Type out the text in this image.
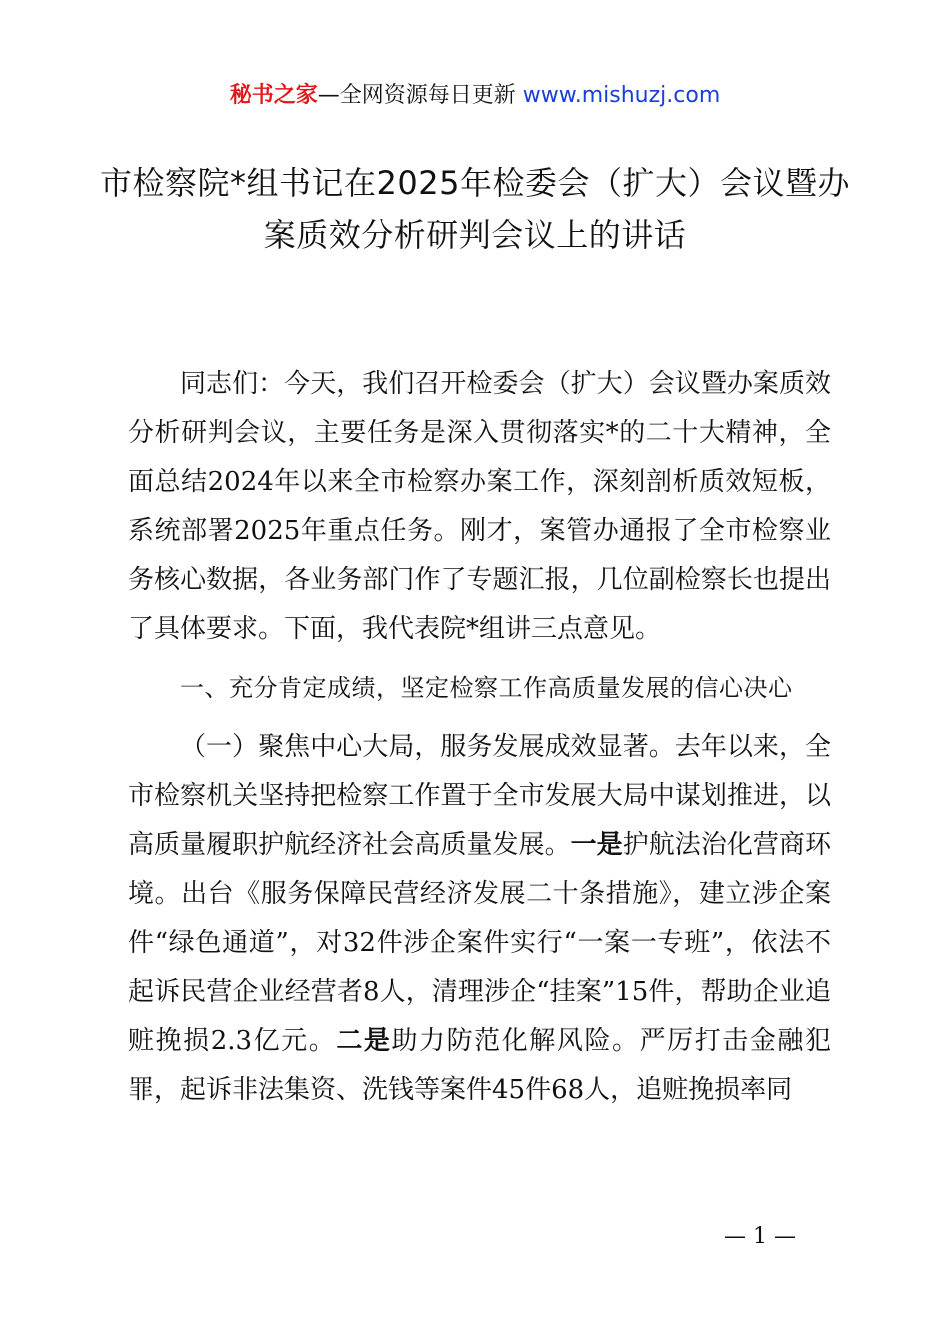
秘书之家—全网资源每日更新 www.mishuzj.com
市检察院*组书记在2025年检委会（扩大）会议暨办案质效分析研判会议上的讲话

同志们：今天，我们召开检委会（扩大）会议暨办案质效分析研判会议，主要任务是深入贯彻落实*的二十大精神，全面总结2024年以来全市检察办案工作，深刻剖析质效短板，系统部署2025年重点任务。刚才，案管办通报了全市检察业务核心数据，各业务部门作了专题汇报，几位副检察长也提出了具体要求。下面，我代表院*组讲三点意见。

一、充分肯定成绩，坚定检察工作高质量发展的信心决心

（一）聚焦中心大局，服务发展成效显著。去年以来，全市检察机关坚持把检察工作置于全市发展大局中谋划推进，以高质量履职护航经济社会高质量发展。一是护航法治化营商环境。出台《服务保障民营经济发展二十条措施》，建立涉企案件“绿色通道”，对32件涉企案件实行“一案一专班”，依法不起诉民营企业经营者8人，清理涉企“挂案”15件，帮助企业追赃挽损2.3亿元。二是助力防范化解风险。严厉打击金融犯罪，起诉非法集资、洗钱等案件45件68人，追赃挽损率同

— 1 —
